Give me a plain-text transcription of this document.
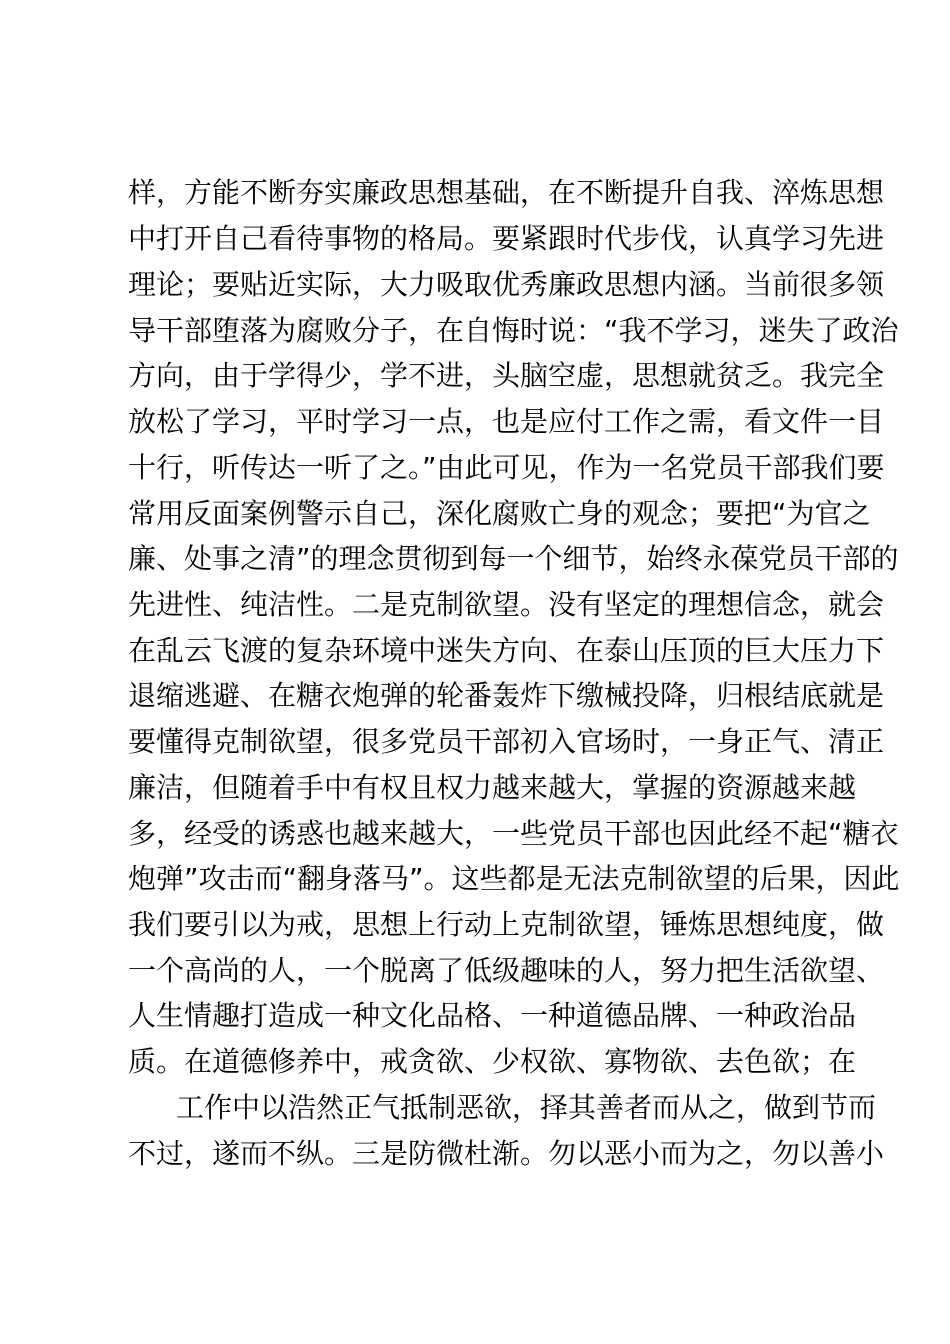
样，方能不断夯实廉政思想基础，在不断提升自我、淬炼思想
中打开自己看待事物的格局。要紧跟时代步伐，认真学习先进
理论；要贴近实际，大力吸取优秀廉政思想内涵。当前很多领
导干部堕落为腐败分子，在自悔时说：“我不学习，迷失了政治
方向，由于学得少，学不进，头脑空虚，思想就贫乏。我完全
放松了学习，平时学习一点，也是应付工作之需，看文件一目
十行，听传达一听了之。”由此可见，作为一名党员干部我们要
常用反面案例警示自己，深化腐败亡身的观念；要把“为官之
廉、处事之清”的理念贯彻到每一个细节，始终永葆党员干部的
先进性、纯洁性。二是克制欲望。没有坚定的理想信念，就会
在乱云飞渡的复杂环境中迷失方向、在泰山压顶的巨大压力下
退缩逃避、在糖衣炮弹的轮番轰炸下缴械投降，归根结底就是
要懂得克制欲望，很多党员干部初入官场时，一身正气、清正
廉洁，但随着手中有权且权力越来越大，掌握的资源越来越
多，经受的诱惑也越来越大，一些党员干部也因此经不起“糖衣
炮弹”攻击而“翻身落马”。这些都是无法克制欲望的后果，因此
我们要引以为戒，思想上行动上克制欲望，锤炼思想纯度，做
一个高尚的人，一个脱离了低级趣味的人，努力把生活欲望、
人生情趣打造成一种文化品格、一种道德品牌、一种政治品
质。在道德修养中，戒贪欲、少权欲、寡物欲、去色欲；在
工作中以浩然正气抵制恶欲，择其善者而从之，做到节而
不过，遂而不纵。三是防微杜渐。勿以恶小而为之，勿以善小
